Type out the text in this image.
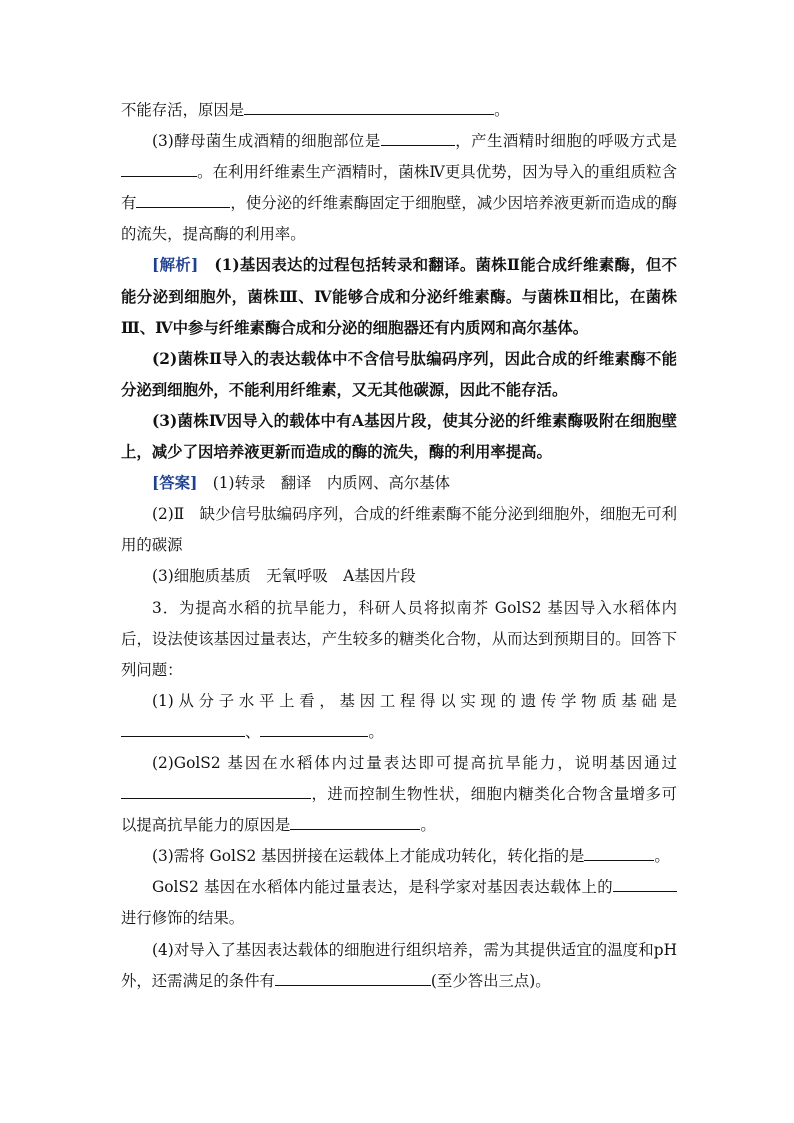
不能存活，原因是	。

(3)酵母菌生成酒精的细胞部位是	，产生酒精时细胞的呼吸方式是。在利用纤维素生产酒精时，菌株Ⅳ更具优势，因为导入的重组质粒含有	，使分泌的纤维素酶固定于细胞壁，减少因培养液更新而造成的酶的流失，提高酶的利用率。

[解析]　 (1)基因表达的过程包括转录和翻译。菌株Ⅱ能合成纤维素酶，但不能分泌到细胞外，菌株Ⅲ、Ⅳ能够合成和分泌纤维素酶。与菌株Ⅱ相比，在菌株Ⅲ、Ⅳ中参与纤维素酶合成和分泌的细胞器还有内质网和高尔基体。

(2)菌株Ⅱ导入的表达载体中不含信号肽编码序列，因此合成的纤维素酶不能分泌到细胞外，不能利用纤维素，又无其他碳源，因此不能存活。

(3)菌株Ⅳ因导入的载体中有A基因片段，使其分泌的纤维素酶吸附在细胞壁上，减少了因培养液更新而造成的酶的流失，酶的利用率提高。

[答案]　 (1)转录　翻译　内质网、高尔基体

(2)Ⅱ　缺少信号肽编码序列，合成的纤维素酶不能分泌到细胞外，细胞无可利用的碳源

(3)细胞质基质　无氧呼吸　A基因片段

3．为提高水稻的抗旱能力，科研人员将拟南芥 GolS2 基因导入水稻体内后，设法使该基因过量表达，产生较多的糖类化合物，从而达到预期目的。回答下列问题：

(1)从分子水平上看，基因工程得以实现的遗传学物质基础是

、	。

(2)GolS2 基因在水稻体内过量表达即可提高抗旱能力，说明基因通过，进而控制生物性状，细胞内糖类化合物含量增多可以提高抗旱能力的原因是	。

(3)需将 GolS2 基因拼接在运载体上才能成功转化，转化指的是	。

GolS2 基因在水稻体内能过量表达，是科学家对基因表达载体上的进行修饰的结果。

(4)对导入了基因表达载体的细胞进行组织培养，需为其提供适宜的温度和pH 外，还需满足的条件有	(至少答出三点)。
